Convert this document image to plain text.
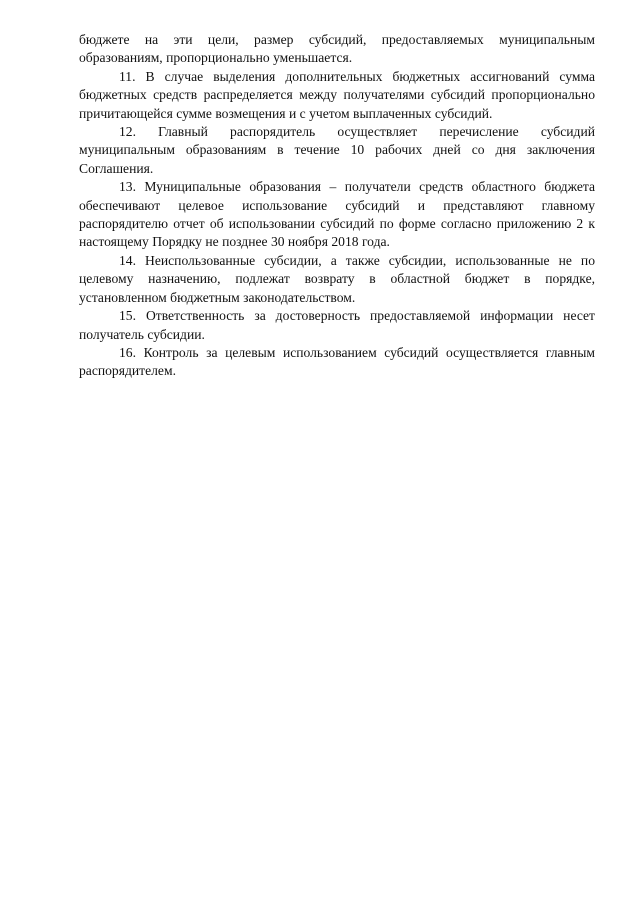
бюджете на эти цели, размер субсидий, предоставляемых муниципальным образованиям, пропорционально уменьшается.

11. В случае выделения дополнительных бюджетных ассигнований сумма бюджетных средств распределяется между получателями субсидий пропорционально причитающейся сумме возмещения и с учетом выплаченных субсидий.

12. Главный распорядитель осуществляет перечисление субсидий муниципальным образованиям в течение 10 рабочих дней со дня заключения Соглашения.

13. Муниципальные образования – получатели средств областного бюджета обеспечивают целевое использование субсидий и представляют главному распорядителю отчет об использовании субсидий по форме согласно приложению 2 к настоящему Порядку не позднее 30 ноября 2018 года.

14. Неиспользованные субсидии, а также субсидии, использованные не по целевому назначению, подлежат возврату в областной бюджет в порядке, установленном бюджетным законодательством.

15. Ответственность за достоверность предоставляемой информации несет получатель субсидии.

16. Контроль за целевым использованием субсидий осуществляется главным распорядителем.
